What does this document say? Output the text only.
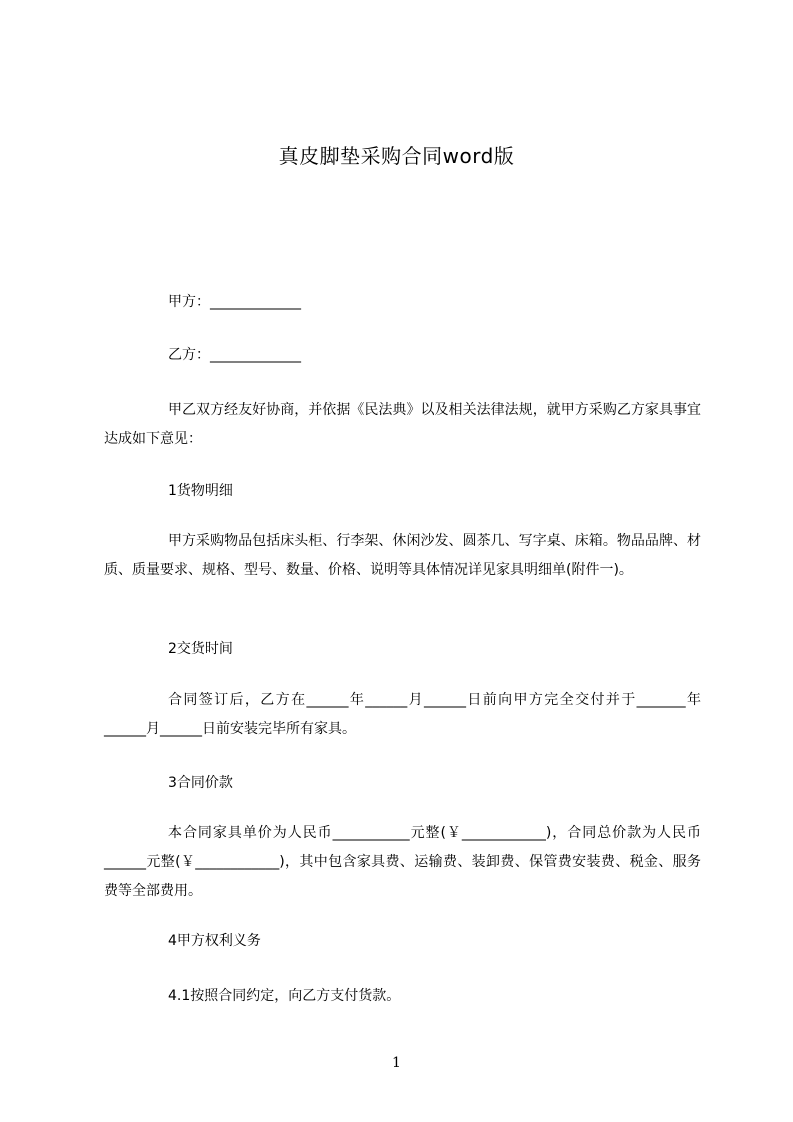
真皮脚垫采购合同word版
甲方：_____________
乙方：_____________
甲乙双方经友好协商，并依据《民法典》以及相关法律法规，就甲方采购乙方家具事宜达成如下意见：
1货物明细
甲方采购物品包括床头柜、行李架、休闲沙发、圆茶几、写字桌、床箱。物品品牌、材质、质量要求、规格、型号、数量、价格、说明等具体情况详见家具明细单(附件一)。
2交货时间
合同签订后，乙方在______年______月______日前向甲方完全交付并于_______年______月______日前安装完毕所有家具。
3合同价款
本合同家具单价为人民币___________元整(￥____________)，合同总价款为人民币______元整(￥____________)，其中包含家具费、运输费、装卸费、保管费安装费、税金、服务费等全部费用。
4甲方权利义务
4.1按照合同约定，向乙方支付货款。
1
